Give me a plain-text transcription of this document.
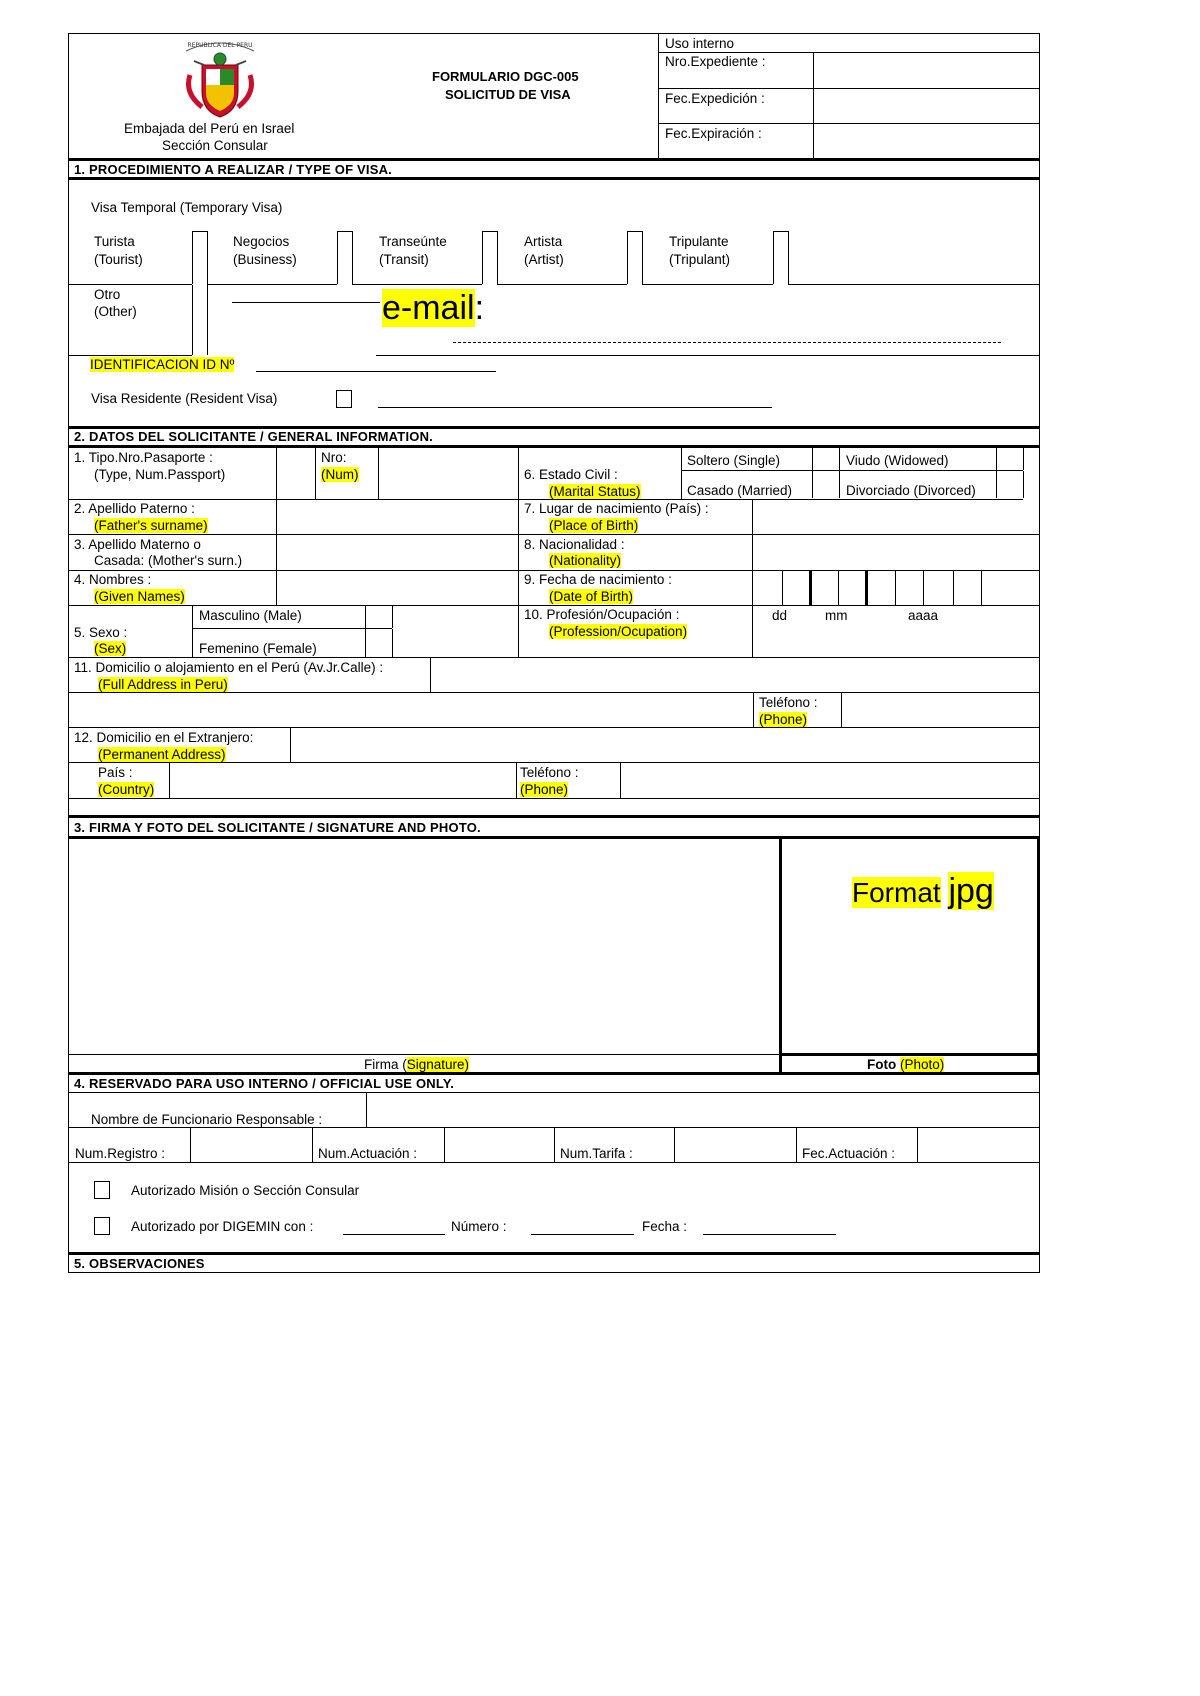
REPUBLICA DEL PERU
Embajada del Perú en Israel
Sección Consular
FORMULARIO DGC-005
SOLICITUD DE VISA
Uso interno
Nro.Expediente :
Fec.Expedición :
Fec.Expiración :
1. PROCEDIMIENTO A REALIZAR / TYPE OF VISA.
Visa Temporal (Temporary Visa)
Turista
(Tourist)
Negocios
(Business)
Transeúnte
(Transit)
Artista
(Artist)
Tripulante
(Tripulant)
Otro
(Other)	e-mail:
IDENTIFICACION ID Nº
Visa Residente (Resident Visa)
2. DATOS DEL SOLICITANTE / GENERAL INFORMATION.
1. Tipo.Nro.Pasaporte :
(Type, Num.Passport)
Nro:
(Num)	6. Estado Civil :
(Marital Status)
Soltero (Single)	Viudo (Widowed)
Casado (Married)	Divorciado (Divorced)
2. Apellido Paterno :
(Father's surname)
7. Lugar de nacimiento (País) :
(Place of Birth)
3. Apellido Materno o
Casada: (Mother's surn.)
8. Nacionalidad :
(Nationality)
4. Nombres :
(Given Names)
9. Fecha de nacimiento :
(Date of Birth)
5. Sexo :
(Sex)
Masculino (Male)
Femenino (Female)
10. Profesión/Ocupación :
(Profession/Ocupation)
dd	mm	aaaa
11. Domicilio o alojamiento en el Perú (Av.Jr.Calle) :
(Full Address in Peru)
Teléfono :
(Phone)
12. Domicilio en el Extranjero:
(Permanent Address)
País :
(Country)
Teléfono :
(Phone)
3. FIRMA Y FOTO DEL SOLICITANTE / SIGNATURE AND PHOTO.
Format jpg
Firma (Signature)	Foto (Photo)
4. RESERVADO PARA USO INTERNO / OFFICIAL USE ONLY.
Nombre de Funcionario Responsable :
Num.Registro :	Num.Actuación :	Num.Tarifa :	Fec.Actuación :
Autorizado Misión o Sección Consular
Autorizado por DIGEMIN con :	Número :	Fecha :
5. OBSERVACIONES
